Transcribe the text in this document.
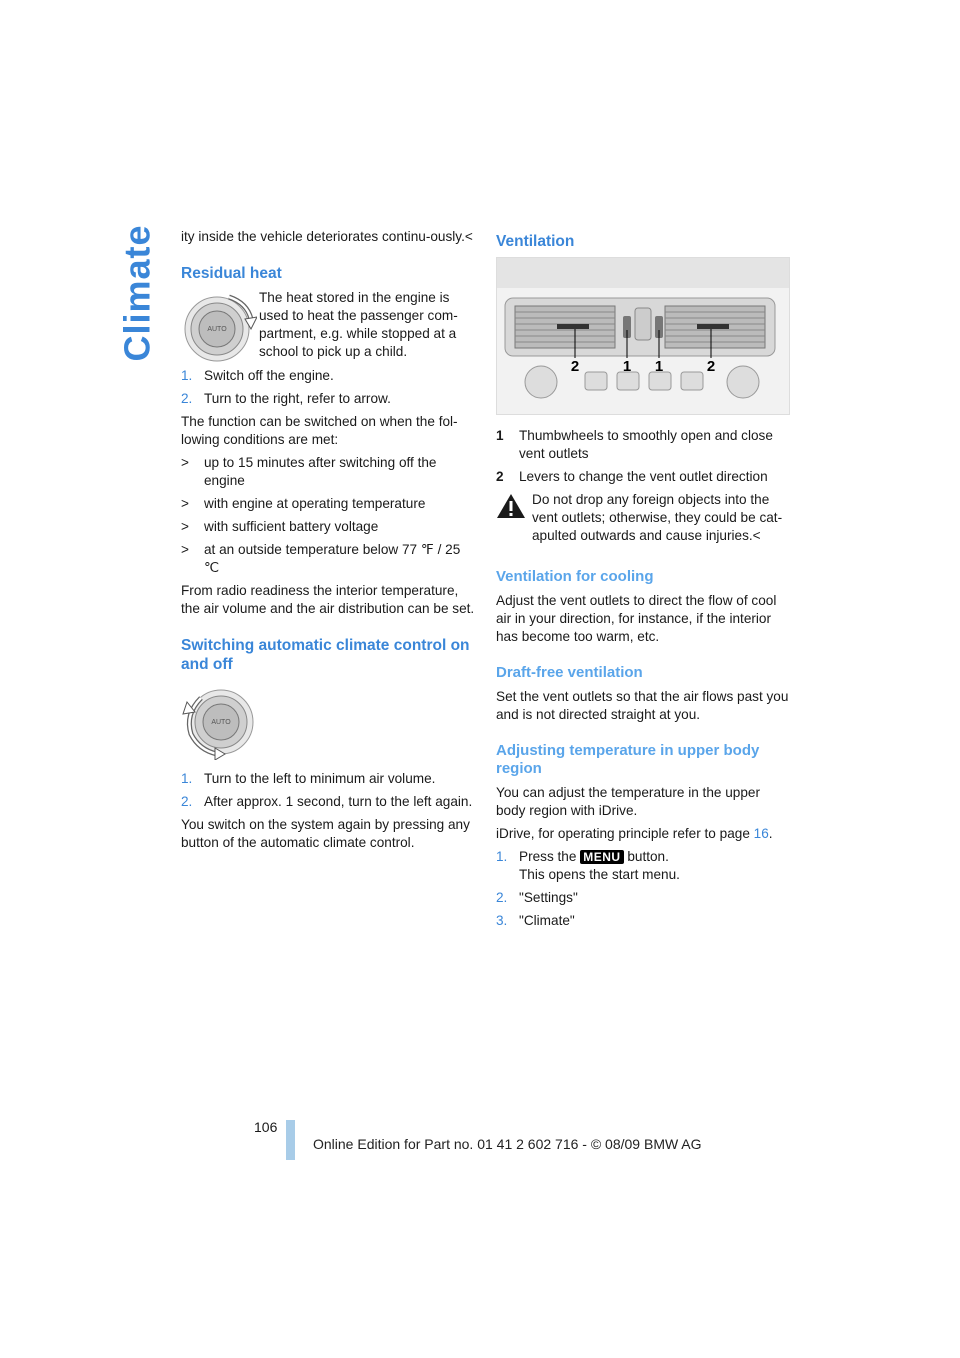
Climate ity inside the vehicle deteriorates continu-ously.<

Residual heat
AUTO

The heat stored in the engine is used to heat the passenger com-partment, e.g. while stopped at a school to pick up a child.

1. Switch off the engine.
2. Turn to the right, refer to arrow.

The function can be switched on when the fol-lowing conditions are met:

>	up to 15 minutes after switching off the engine
>	with engine at operating temperature
>	with sufficient battery voltage
>	at an outside temperature below 77 ℉ / 25 ℃

From radio readiness the interior temperature, the air volume and the air distribution can be set.

Switching automatic climate control on and off
AUTO
1. Turn to the left to minimum air volume.
2. After approx. 1 second, turn to the left again.

You switch on the system again by pressing any button of the automatic climate control.

Ventilation
2	1 1	2
1	Thumbwheels to smoothly open and close vent outlets
2	Levers to change the vent outlet direction

Do not drop any foreign objects into the vent outlets; otherwise, they could be cat-apulted outwards and cause injuries.<

Ventilation for cooling

Adjust the vent outlets to direct the flow of cool air in your direction, for instance, if the interior has become too warm, etc.

Draft-free ventilation

Set the vent outlets so that the air flows past you and is not directed straight at you.

Adjusting temperature in upper body region

You can adjust the temperature in the upper body region with iDrive.

iDrive, for operating principle refer to page 16.

1. Press the MENU button.
This opens the start menu.
2. "Settings"
3. "Climate"
106
Online Edition for Part no. 01 41 2 602 716 - © 08/09 BMW AG
